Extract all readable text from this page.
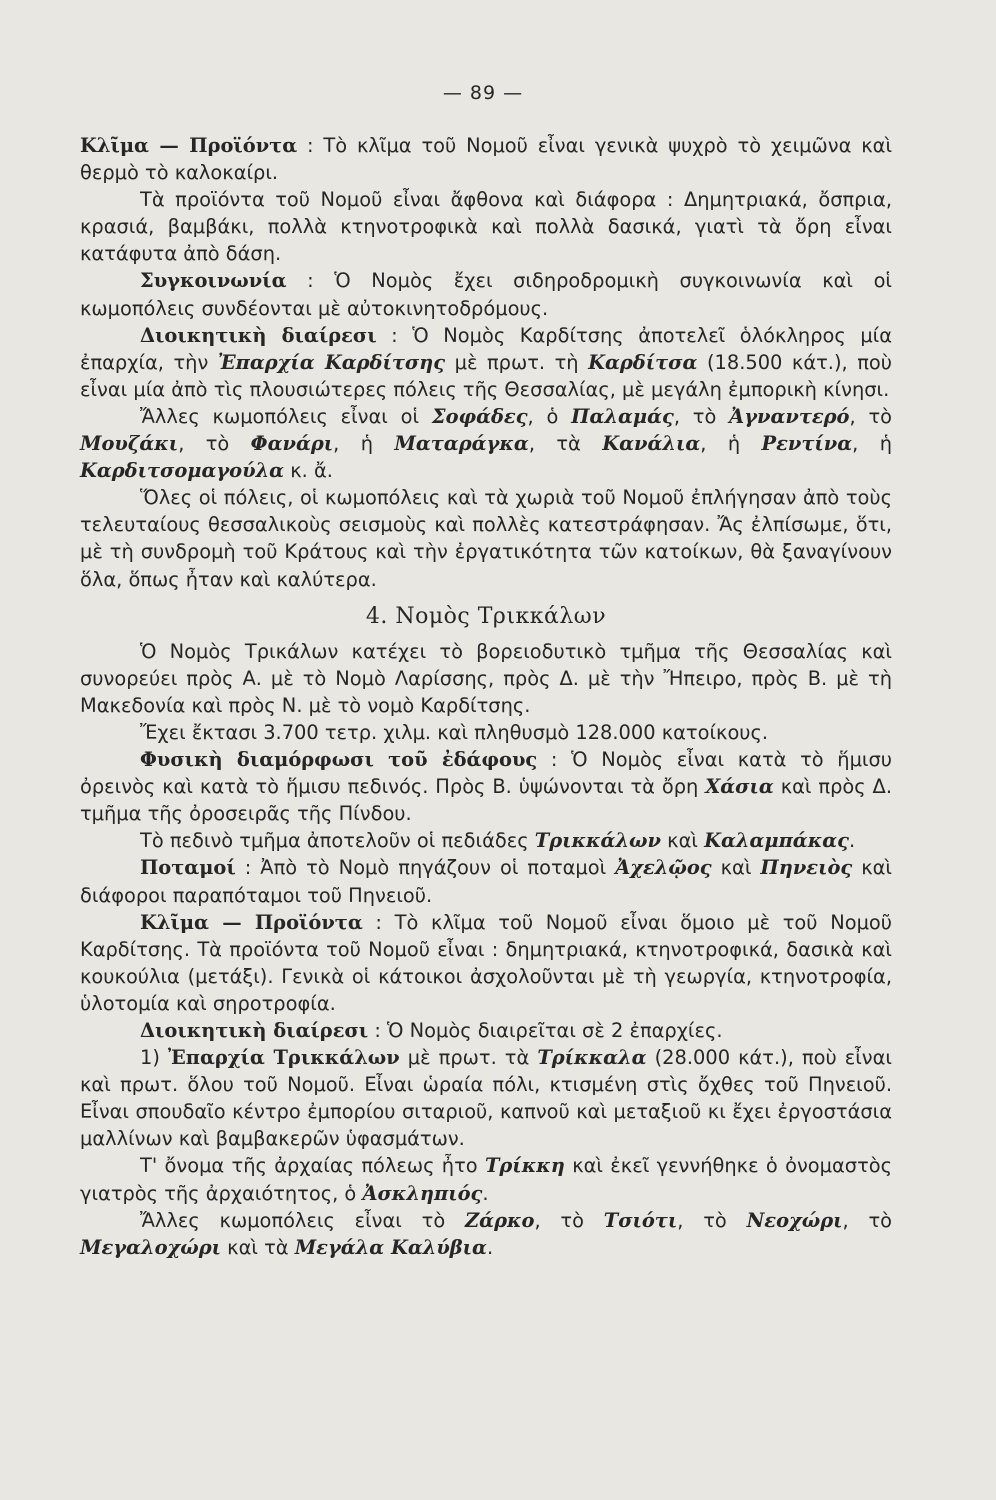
— 89 —

Κλῖμα — Προϊόντα : Τὸ κλῖμα τοῦ Νομοῦ εἶναι γενικὰ ψυχρὸ τὸ χειμῶνα καὶ θερμὸ τὸ καλοκαίρι.

Τὰ προϊόντα τοῦ Νομοῦ εἶναι ἄφθονα καὶ διάφορα : Δημητριακά, ὄσπρια, κρασιά, βαμβάκι, πολλὰ κτηνοτροφικὰ καὶ πολλὰ δασικά, γιατὶ τὰ ὄρη εἶναι κατάφυτα ἀπὸ δάση.

Συγκοινωνία : Ὁ Νομὸς ἔχει σιδηροδρομικὴ συγκοινωνία καὶ οἱ κωμοπόλεις συνδέονται μὲ αὐτοκινητοδρόμους.

Διοικητικὴ διαίρεσι : Ὁ Νομὸς Καρδίτσης ἀποτελεῖ ὁλόκληρος μία ἐπαρχία, τὴν Ἐπαρχία Καρδίτσης μὲ πρωτ. τὴ Καρδίτσα (18.500 κάτ.), ποὺ εἶναι μία ἀπὸ τὶς πλουσιώτερες πόλεις τῆς Θεσσαλίας, μὲ μεγάλη ἐμπορικὴ κίνησι.

Ἄλλες κωμοπόλεις εἶναι οἱ Σοφάδες, ὁ Παλαμάς, τὸ Ἀγναντερό, τὸ Μουζάκι, τὸ Φανάρι, ἡ Ματαράγκα, τὰ Κανάλια, ἡ Ρεντίνα, ἡ Καρδιτσομαγούλα κ. ἄ.

Ὅλες οἱ πόλεις, οἱ κωμοπόλεις καὶ τὰ χωριὰ τοῦ Νομοῦ ἐπλήγησαν ἀπὸ τοὺς τελευταίους θεσσαλικοὺς σεισμοὺς καὶ πολλὲς κατεστράφησαν. Ἄς ἐλπίσωμε, ὅτι, μὲ τὴ συνδρομὴ τοῦ Κράτους καὶ τὴν ἐργατικότητα τῶν κατοίκων, θὰ ξαναγίνουν ὅλα, ὅπως ἦταν καὶ καλύτερα.

4. Νομὸς Τρικκάλων

Ὁ Νομὸς Τρικάλων κατέχει τὸ βορειοδυτικὸ τμῆμα τῆς Θεσσαλίας καὶ συνορεύει πρὸς Α. μὲ τὸ Νομὸ Λαρίσσης, πρὸς Δ. μὲ τὴν Ἤπειρο, πρὸς Β. μὲ τὴ Μακεδονία καὶ πρὸς Ν. μὲ τὸ νομὸ Καρδίτσης.

Ἔχει ἔκτασι 3.700 τετρ. χιλμ. καὶ πληθυσμὸ 128.000 κατοίκους.

Φυσικὴ διαμόρφωσι τοῦ ἐδάφους : Ὁ Νομὸς εἶναι κατὰ τὸ ἥμισυ ὀρεινὸς καὶ κατὰ τὸ ἥμισυ πεδινός. Πρὸς Β. ὑψώνονται τὰ ὄρη Χάσια καὶ πρὸς Δ. τμῆμα τῆς ὀροσειρᾶς τῆς Πίνδου.

Τὸ πεδινὸ τμῆμα ἀποτελοῦν οἱ πεδιάδες Τρικκάλων καὶ Καλαμπάκας.

Ποταμοί : Ἀπὸ τὸ Νομὸ πηγάζουν οἱ ποταμοὶ Ἀχελῷος καὶ Πηνειὸς καὶ διάφοροι παραπόταμοι τοῦ Πηνειοῦ.

Κλῖμα — Προϊόντα : Τὸ κλῖμα τοῦ Νομοῦ εἶναι ὅμοιο μὲ τοῦ Νομοῦ Καρδίτσης. Τὰ προϊόντα τοῦ Νομοῦ εἶναι : δημητριακά, κτηνοτροφικά, δασικὰ καὶ κουκούλια (μετάξι). Γενικὰ οἱ κάτοικοι ἀσχολοῦνται μὲ τὴ γεωργία, κτηνοτροφία, ὑλοτομία καὶ σηροτροφία.

Διοικητικὴ διαίρεσι : Ὁ Νομὸς διαιρεῖται σὲ 2 ἐπαρχίες.

1) Ἐπαρχία Τρικκάλων μὲ πρωτ. τὰ Τρίκκαλα (28.000 κάτ.), ποὺ εἶναι καὶ πρωτ. ὅλου τοῦ Νομοῦ. Εἶναι ὡραία πόλι, κτισμένη στὶς ὄχθες τοῦ Πηνειοῦ. Εἶναι σπουδαῖο κέντρο ἐμπορίου σιταριοῦ, καπνοῦ καὶ μεταξιοῦ κι ἔχει ἐργοστάσια μαλλίνων καὶ βαμβακερῶν ὑφασμάτων.

Τ' ὄνομα τῆς ἀρχαίας πόλεως ἦτο Τρίκκη καὶ ἐκεῖ γεννήθηκε ὁ ὀνομαστὸς γιατρὸς τῆς ἀρχαιότητος, ὁ Ἀσκληπιός.

Ἄλλες κωμοπόλεις εἶναι τὸ Ζάρκο, τὸ Τσιότι, τὸ Νεοχώρι, τὸ Μεγαλοχώρι καὶ τὰ Μεγάλα Καλύβια.
